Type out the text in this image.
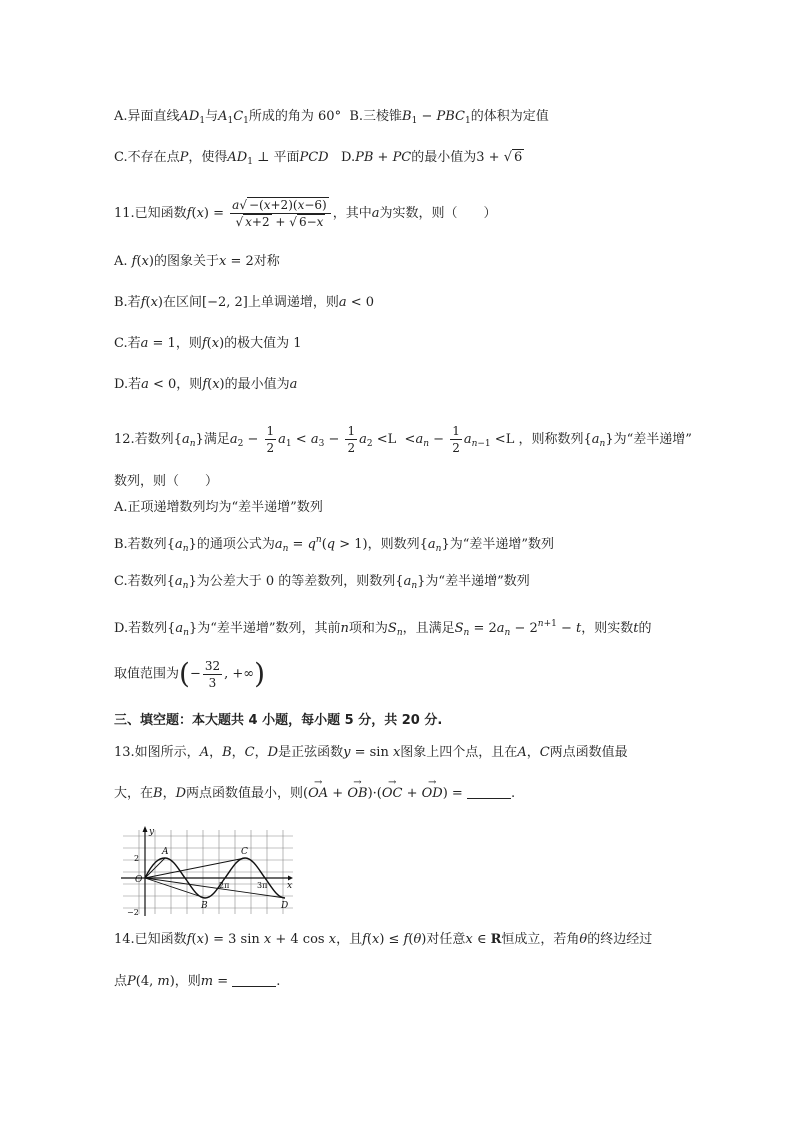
A.异面直线$AD_1$与$A_1C_1$所成的角为 60° B.三棱锥$B_1 - PBC_1$的体积为定值
C.不存在点P，使得$AD_1$ ⊥ 平面PCD D.PB + PC的最小值为3 + √ 6
11.已知函数$f(x) = \frac{a√ -(x+2)(x-6)}{√ x+2 + √ 6-x}$ ，其中a为实数，则（　　）
A. f(x)的图象关于x = 2对称
B.若f(x)在区间[−2, 2]上单调递增，则a < 0
C.若a = 1，则f(x)的极大值为 1
D.若a < 0，则f(x)的最小值为a
12.若数列$\{a_n\}$满足$a_2 - \frac{1}{2} a_1 < a_3 - \frac{1}{2} a_2 <L <a_n - \frac{1}{2} a_{n-1} <L$ ，则称数列$\{a_n\}$为“差半递增”
数列，则（　　）
A.正项递增数列均为“差半递增”数列
B.若数列$\{a_n\}$的通项公式为$a_n = q^n(q > 1)$，则数列$\{a_n\}$为“差半递增”数列
C.若数列$\{a_n\}$为公差大于 0 的等差数列，则数列$\{a_n\}$为“差半递增”数列
D.若数列$\{a_n\}$为“差半递增”数列，其前n项和为$S_n$，且满足$S_n = 2a_n - 2^{n+1} - t$，则实数t的
取值范围为(− $\frac{32}{3}$ , +∞)
三、填空题：本大题共 4 小题，每小题 5 分，共 20 分.
13.如图所示，A，B，C，D是正弦函数y = sin x图象上四个点，且在A，C两点函数值最
大，在B，D两点函数值最小，则(→ OA + → OB)·(→ OC + → OD) =	.
y
x
O
A
B
C
D
2
−2
2π	3π
14.已知函数f(x) = 3 sin x + 4 cos x，且f(x) ≤ f(θ)对任意x ∈ R恒成立，若角θ的终边经过
点P(4, m)，则m =	.
